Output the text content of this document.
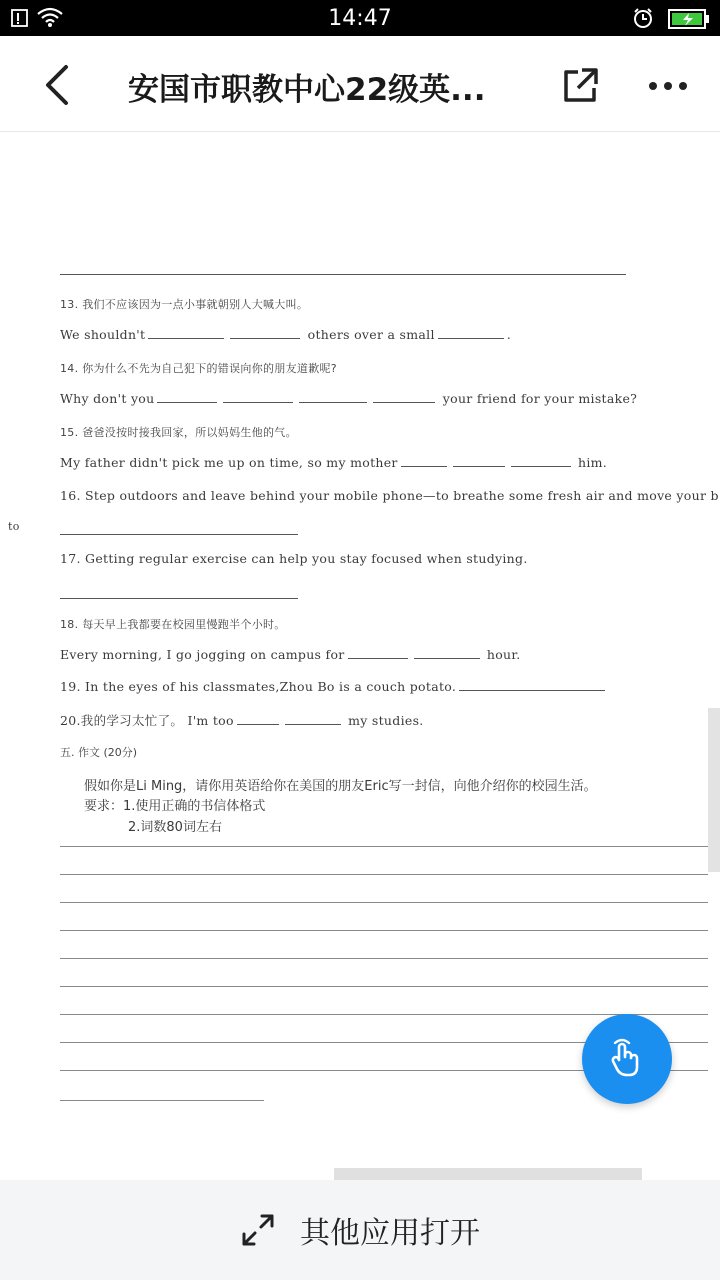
14:47
安国市职教中心22级英...
13. 我们不应该因为一点小事就朝别人大喊大叫。
We shouldn't	others over a small	.
14. 你为什么不先为自己犯下的错误向你的朋友道歉呢?
Why don't you	your friend for your mistake?
15. 爸爸没按时接我回家，所以妈妈生他的气。
My father didn't pick me up on time, so my mother	him.
16. Step outdoors and leave behind your mobile phone—to breathe some fresh air and move your b
to
17. Getting regular exercise can help you stay focused when studying.
18. 每天早上我都要在校园里慢跑半个小时。
Every morning, I go jogging on campus for	hour.
19. In the eyes of his classmates,Zhou Bo is a couch potato.
20.我的学习太忙了。 I'm too	my studies.
五. 作文 (20分)
假如你是Li Ming，请你用英语给你在美国的朋友Eric写一封信，向他介绍你的校园生活。
要求：1.使用正确的书信体格式
2.词数80词左右
其他应用打开
